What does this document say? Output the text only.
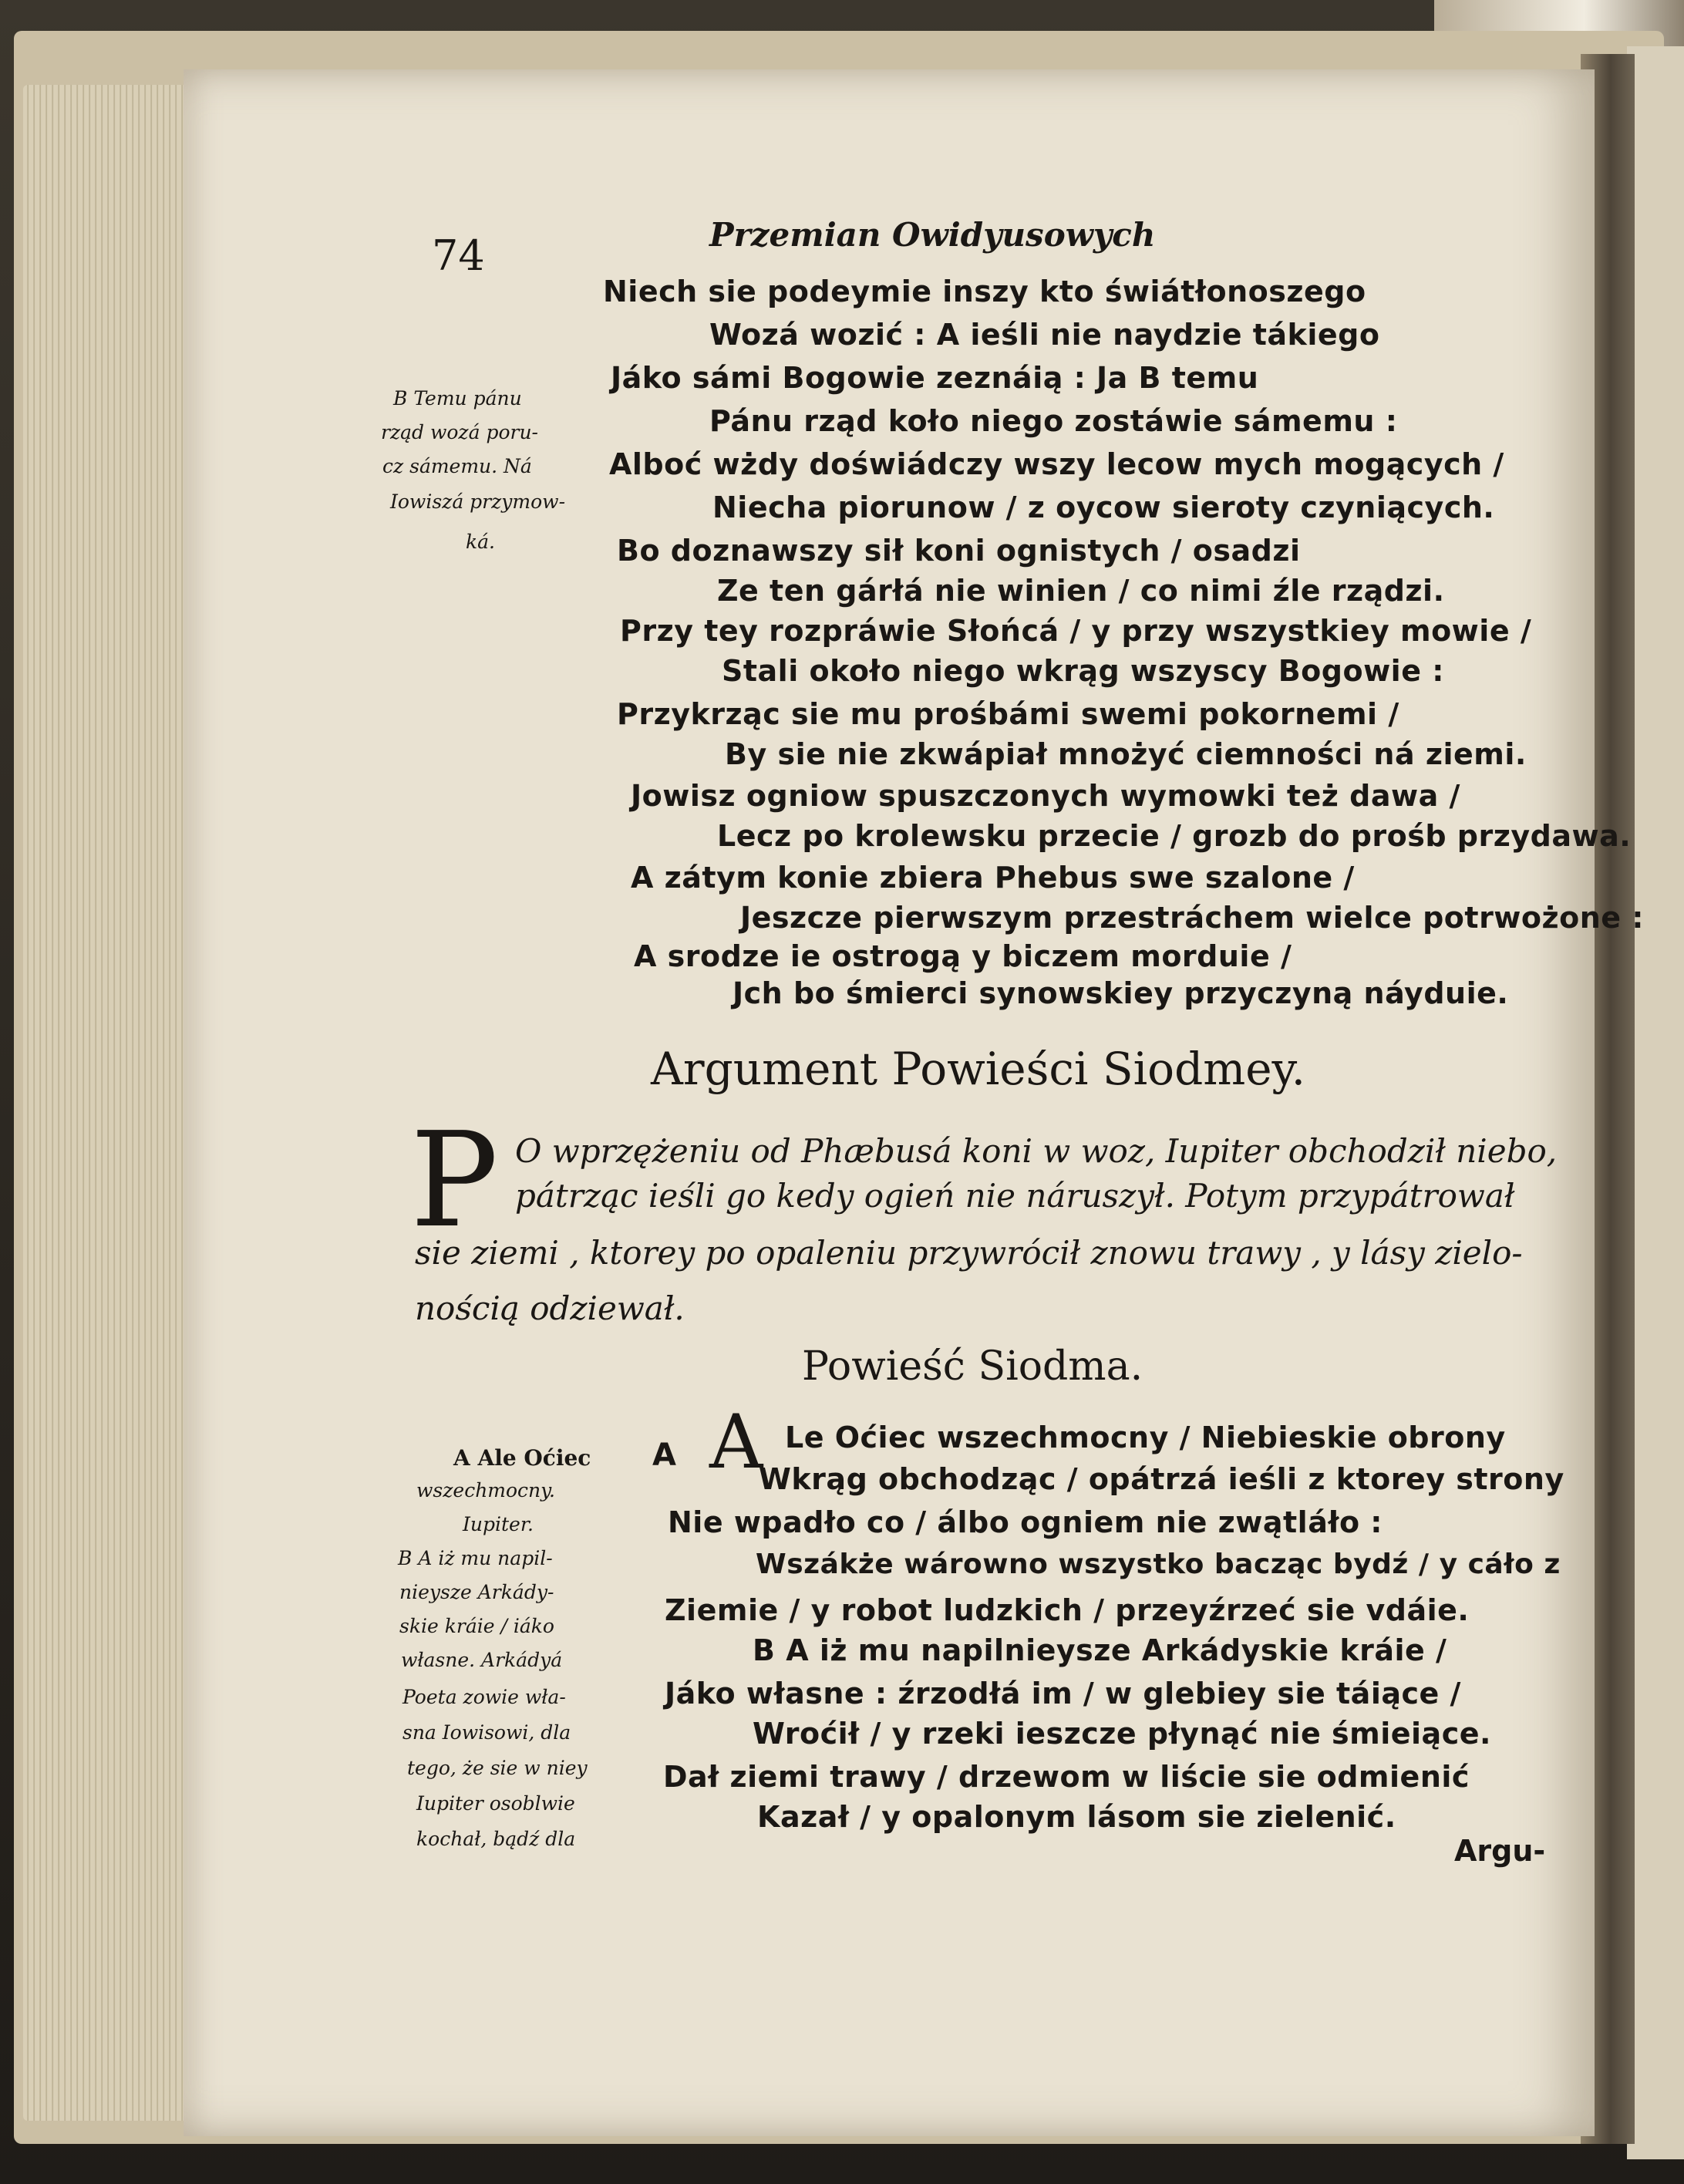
74	Przemian Owidyusowych
B Temu pánu
rząd wozá poru-
cz sámemu. Ná
Iowiszá przymow-
ká.
Niech sie podeymie inszy kto świátłonoszego
Wozá wozić : A ieśli nie naydzie tákiego
Jáko sámi Bogowie zeznáią : Ja B temu
Pánu rząd koło niego zostáwie sámemu :
Alboć wżdy doświádczy wszy lecow mych mogących /
Niecha piorunow / z oycow sieroty czyniących.
Bo doznawszy sił koni ognistych / osadzi
Ze ten gárłá nie winien / co nimi źle rządzi.
Przy tey rozpráwie Słońcá / y przy wszystkiey mowie /
Stali około niego wkrąg wszyscy Bogowie :
Przykrząc sie mu prośbámi swemi pokornemi /
By sie nie zkwápiał mnożyć ciemności ná ziemi.
Jowisz ogniow spuszczonych wymowki też dawa /
Lecz po krolewsku przecie / grozb do prośb przydawa.
A zátym konie zbiera Phebus swe szalone /
Jeszcze pierwszym przestráchem wielce potrwożone :
A srodze ie ostrogą y biczem morduie /
Jch bo śmierci synowskiey przyczyną náyduie.
Argument Powieści Siodmey.
P O wprzężeniu od Phæbusá koni w woz, Iupiter obchodził niebo,
pátrząc ieśli go kedy ogień nie náruszył. Potym przypátrował
sie ziemi , ktorey po opaleniu przywrócił znowu trawy , y lásy zielo-
nością odziewał.
Powieść Siodma.
A Ale Oćiec
wszechmocny.
Iupiter.
B A iż mu napil-
nieysze Arkády-
skie kráie / iáko
własne. Arkádyá
Poeta zowie wła-
sna Iowisowi, dla
tego, że sie w niey
Iupiter osoblwie
kochał, bądź dla
A A Le Oćiec wszechmocny / Niebieskie obrony
Wkrąg obchodząc / opátrzá ieśli z ktorey strony
Nie wpadło co / álbo ogniem nie zwątláło :
Wszákże wárowno wszystko bacząc bydź / y cáło z
Ziemie / y robot ludzkich / przeyźrzeć sie vdáie.
B A iż mu napilnieysze Arkádyskie kráie /
Jáko własne : źrzodłá im / w glebiey sie táiące /
Wroćił / y rzeki ieszcze płynąć nie śmieiące.
Dał ziemi trawy / drzewom w liście sie odmienić
Kazał / y opalonym lásom sie zielenić.
Argu-
